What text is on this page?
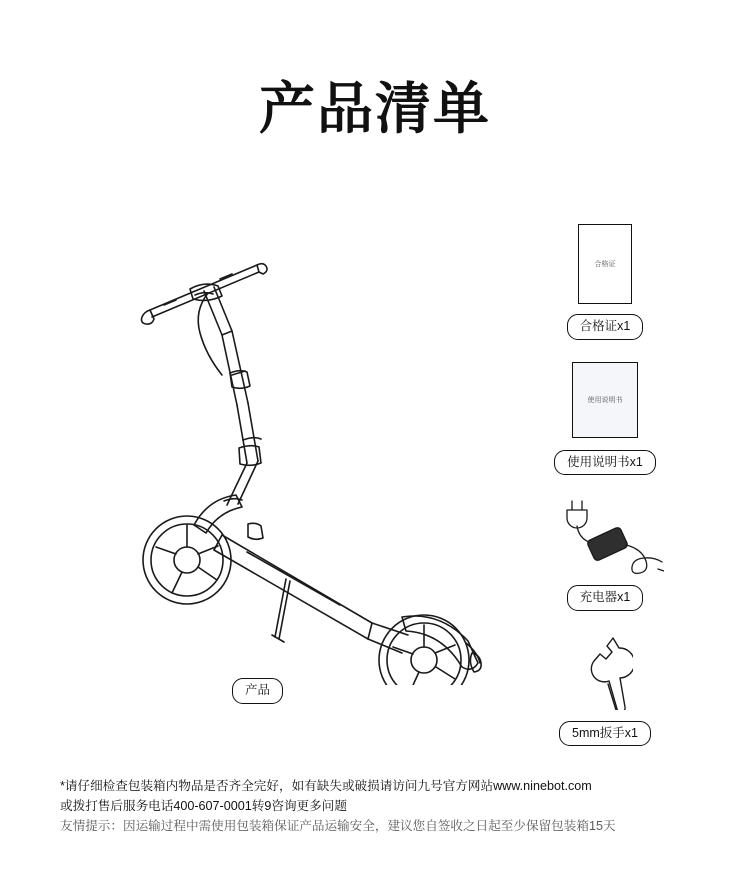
产品清单
产品
合格证
合格证x1
使用说明书
使用说明书x1
充电器x1
5mm扳手x1
*请仔细检查包装箱内物品是否齐全完好，如有缺失或破损请访问九号官方网站www.ninebot.com
或拨打售后服务电话400-607-0001转9咨询更多问题
友情提示：因运输过程中需使用包装箱保证产品运输安全，建议您自签收之日起至少保留包装箱15天
